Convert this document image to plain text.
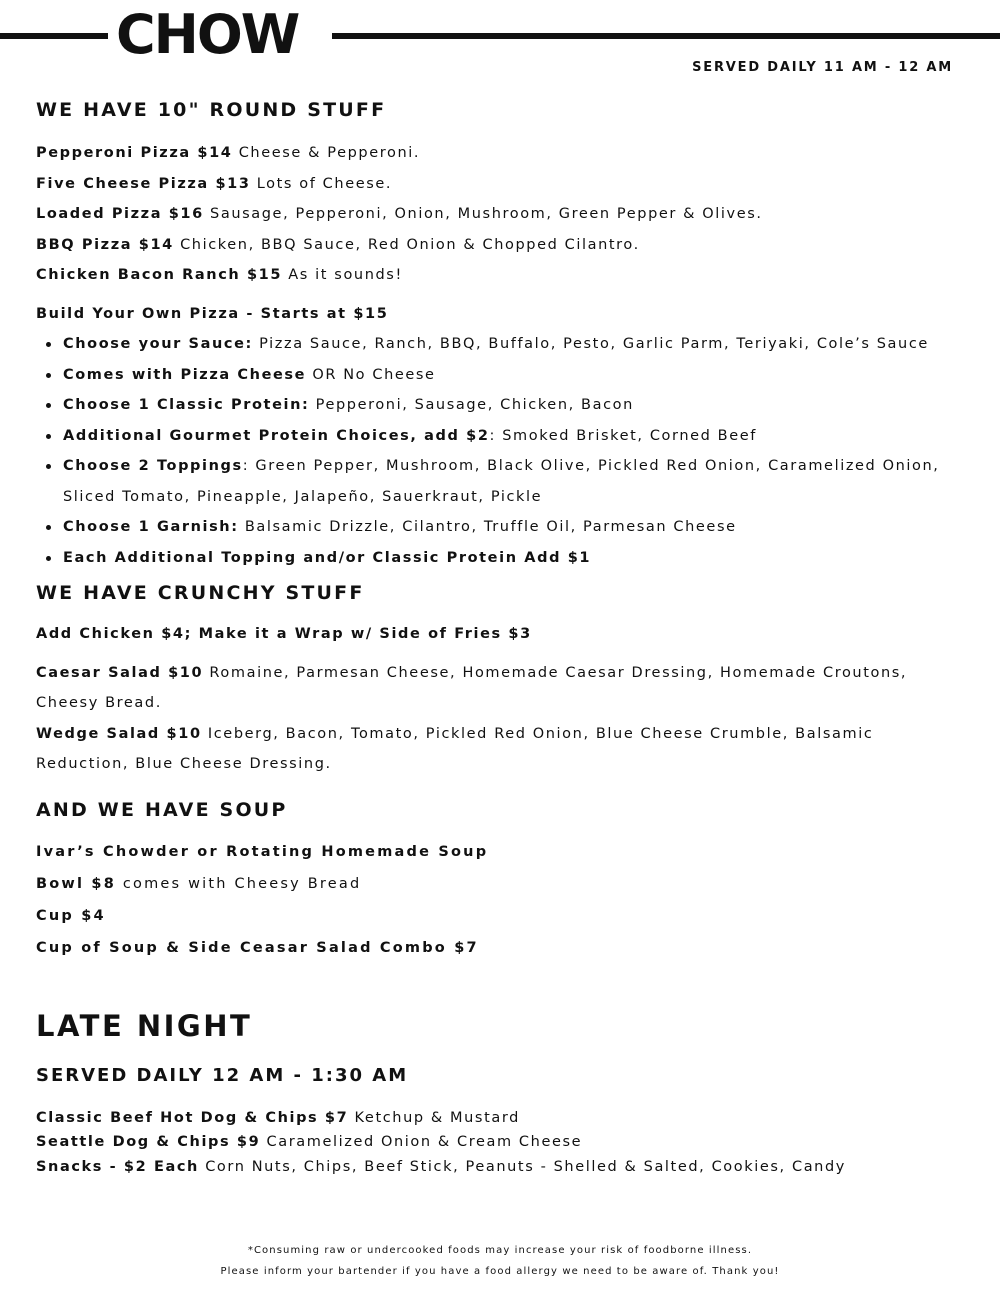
CHOW
SERVED DAILY 11 AM - 12 AM
WE HAVE 10" ROUND STUFF
Pepperoni Pizza $14 Cheese & Pepperoni.
Five Cheese Pizza $13 Lots of Cheese.
Loaded Pizza $16 Sausage, Pepperoni, Onion, Mushroom, Green Pepper & Olives.
BBQ Pizza $14 Chicken, BBQ Sauce, Red Onion & Chopped Cilantro.
Chicken Bacon Ranch $15 As it sounds!
Build Your Own Pizza - Starts at $15
Choose your Sauce: Pizza Sauce, Ranch, BBQ, Buffalo, Pesto, Garlic Parm, Teriyaki, Cole’s Sauce
Comes with Pizza Cheese OR No Cheese
Choose 1 Classic Protein: Pepperoni, Sausage, Chicken, Bacon
Additional Gourmet Protein Choices, add $2: Smoked Brisket, Corned Beef
Choose 2 Toppings: Green Pepper, Mushroom, Black Olive, Pickled Red Onion, Caramelized Onion, Sliced Tomato, Pineapple, Jalapeño, Sauerkraut, Pickle
Choose 1 Garnish: Balsamic Drizzle, Cilantro, Truffle Oil, Parmesan Cheese
Each Additional Topping and/or Classic Protein Add $1
WE HAVE CRUNCHY STUFF
Add Chicken $4; Make it a Wrap w/ Side of Fries $3
Caesar Salad $10 Romaine, Parmesan Cheese, Homemade Caesar Dressing, Homemade Croutons, Cheesy Bread.
Wedge Salad $10 Iceberg, Bacon, Tomato, Pickled Red Onion, Blue Cheese Crumble, Balsamic Reduction, Blue Cheese Dressing.
AND WE HAVE SOUP
Ivar’s Chowder or Rotating Homemade Soup
Bowl $8 comes with Cheesy Bread
Cup $4
Cup of Soup & Side Ceasar Salad Combo $7
LATE NIGHT
SERVED DAILY 12 AM - 1:30 AM
Classic Beef Hot Dog & Chips $7 Ketchup & Mustard
Seattle Dog & Chips $9 Caramelized Onion & Cream Cheese
Snacks - $2 Each Corn Nuts, Chips, Beef Stick, Peanuts - Shelled & Salted, Cookies, Candy
*Consuming raw or undercooked foods may increase your risk of foodborne illness.
Please inform your bartender if you have a food allergy we need to be aware of. Thank you!
